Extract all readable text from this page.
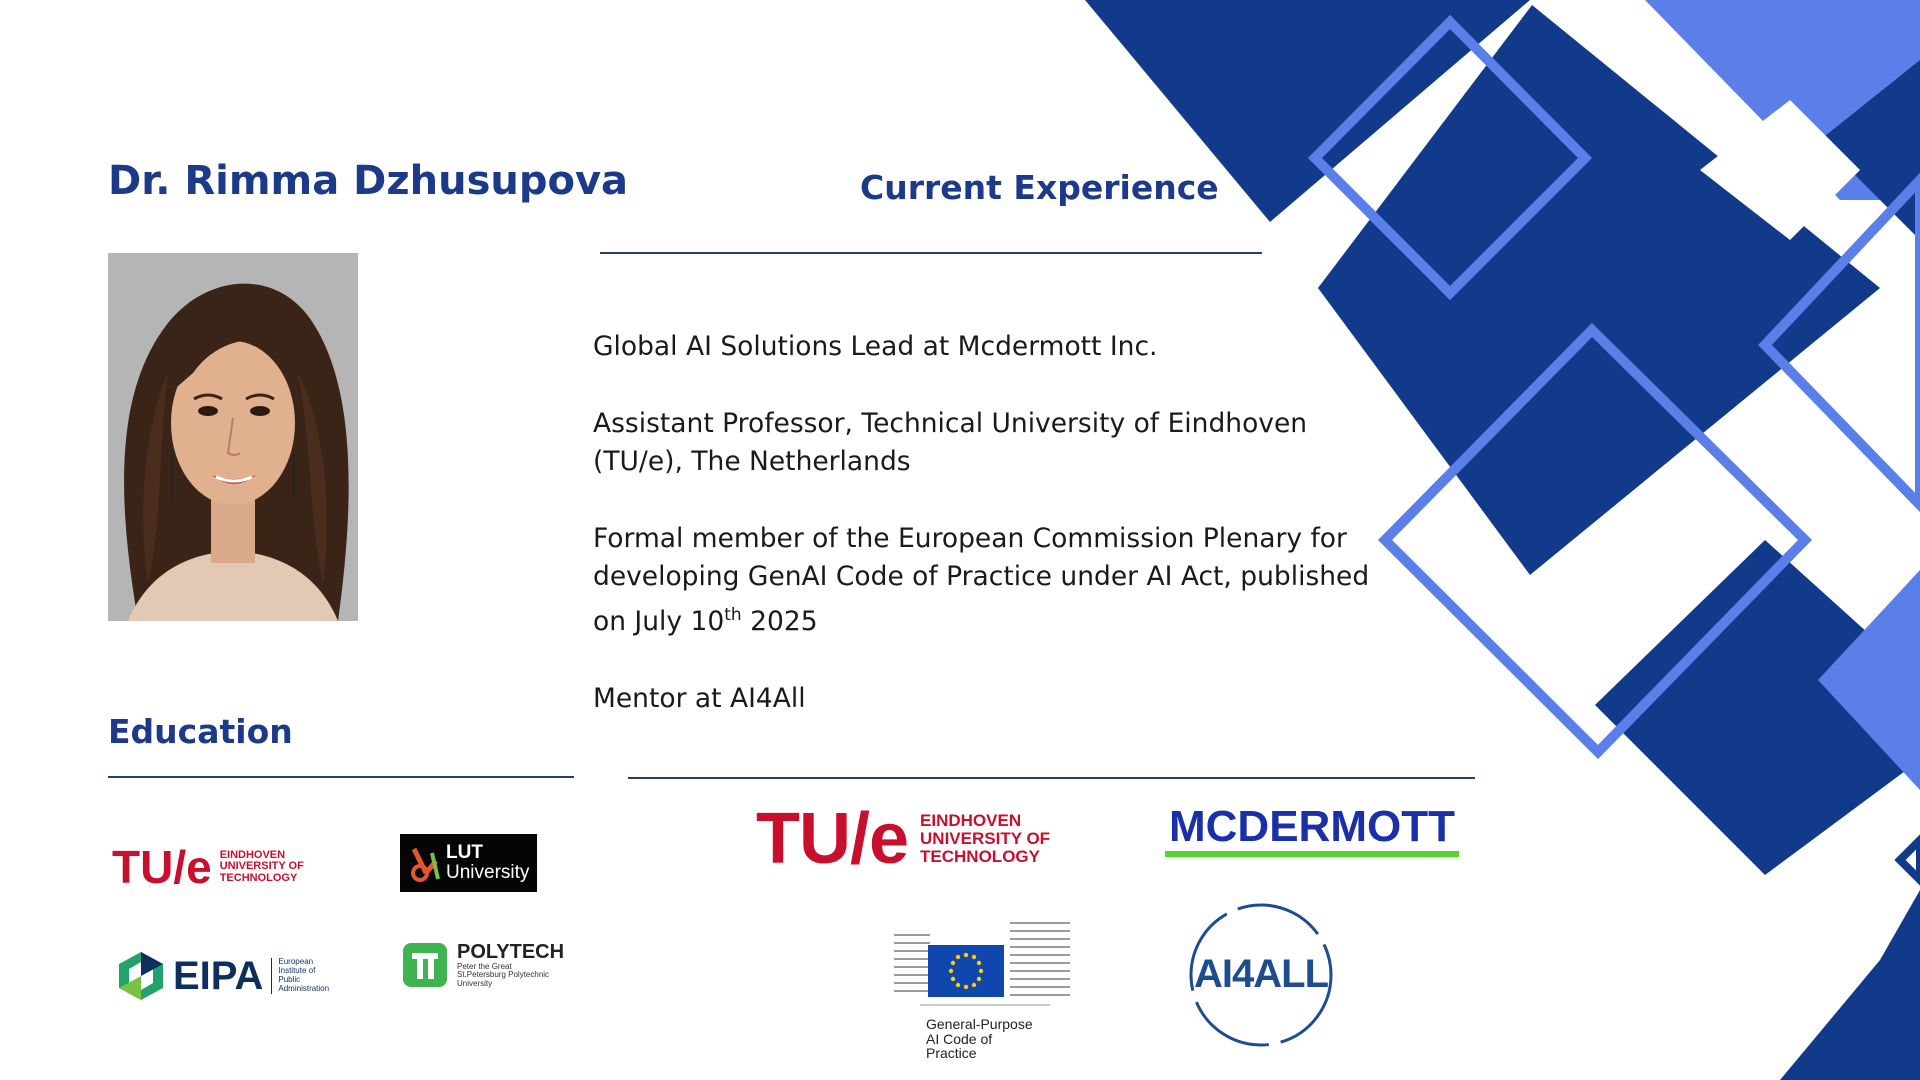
Dr. Rimma Dzhusupova	Current Experience
Global AI Solutions Lead at Mcdermott Inc.
Assistant Professor, Technical University of Eindhoven (TU/e), The Netherlands
Formal member of the European Commission Plenary for developing GenAI Code of Practice under AI Act, published on July 10th 2025
Mentor at AI4All
Education
TU/e EINDHOVEN
UNIVERSITY OF
TECHNOLOGY
LUT
University
EIPA European
Institute of
Public
Administration
POLYTECH
Peter the Great
St.Petersburg Polytechnic
University
TU/e EINDHOVEN
UNIVERSITY OF
TECHNOLOGY
MCDERMOTT
General-Purpose
AI Code of
Practice
AI4ALL
